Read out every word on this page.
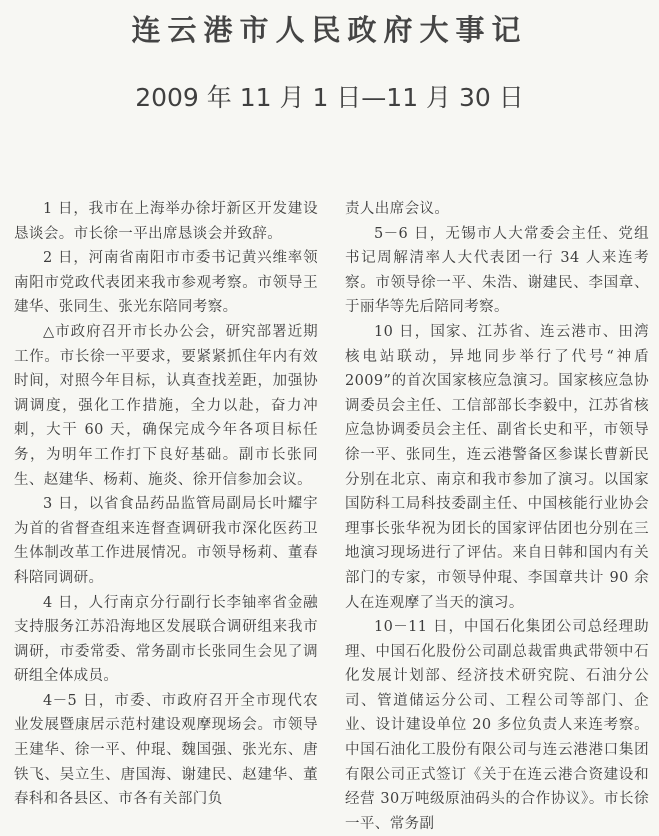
连云港市人民政府大事记
2009 年 11 月 1 日—11 月 30 日

1 日，我市在上海举办徐圩新区开发建设恳谈会。市长徐一平出席恳谈会并致辞。

2 日，河南省南阳市市委书记黄兴维率领南阳市党政代表团来我市参观考察。市领导王建华、张同生、张光东陪同考察。

△市政府召开市长办公会，研究部署近期工作。市长徐一平要求，要紧紧抓住年内有效时间，对照今年目标，认真查找差距，加强协调调度，强化工作措施，全力以赴，奋力冲刺，大干 60 天，确保完成今年各项目标任务，为明年工作打下良好基础。副市长张同生、赵建华、杨莉、施炎、徐开信参加会议。

3 日，以省食品药品监管局副局长叶耀宇为首的省督查组来连督查调研我市深化医药卫生体制改革工作进展情况。市领导杨莉、董春科陪同调研。

4 日，人行南京分行副行长李铀率省金融支持服务江苏沿海地区发展联合调研组来我市调研，市委常委、常务副市长张同生会见了调研组全体成员。

4－5 日，市委、市政府召开全市现代农业发展暨康居示范村建设观摩现场会。市领导王建华、徐一平、仲琨、魏国强、张光东、唐铁飞、吴立生、唐国海、谢建民、赵建华、董春科和各县区、市各有关部门负

责人出席会议。

5－6 日，无锡市人大常委会主任、党组书记周解清率人大代表团一行 34 人来连考察。市领导徐一平、朱浩、谢建民、李国章、于丽华等先后陪同考察。

10 日，国家、江苏省、连云港市、田湾核电站联动，异地同步举行了代号“神盾 2009”的首次国家核应急演习。国家核应急协调委员会主任、工信部部长李毅中，江苏省核应急协调委员会主任、副省长史和平，市领导徐一平、张同生，连云港警备区参谋长曹新民分别在北京、南京和我市参加了演习。以国家国防科工局科技委副主任、中国核能行业协会理事长张华祝为团长的国家评估团也分别在三地演习现场进行了评估。来自日韩和国内有关部门的专家，市领导仲琨、李国章共计 90 余人在连观摩了当天的演习。

10－11 日，中国石化集团公司总经理助理、中国石化股份公司副总裁雷典武带领中石化发展计划部、经济技术研究院、石油分公司、管道储运分公司、工程公司等部门、企业、设计建设单位 20 多位负责人来连考察。中国石油化工股份有限公司与连云港港口集团有限公司正式签订《关于在连云港合资建设和经营 30万吨级原油码头的合作协议》。市长徐一平、常务副
